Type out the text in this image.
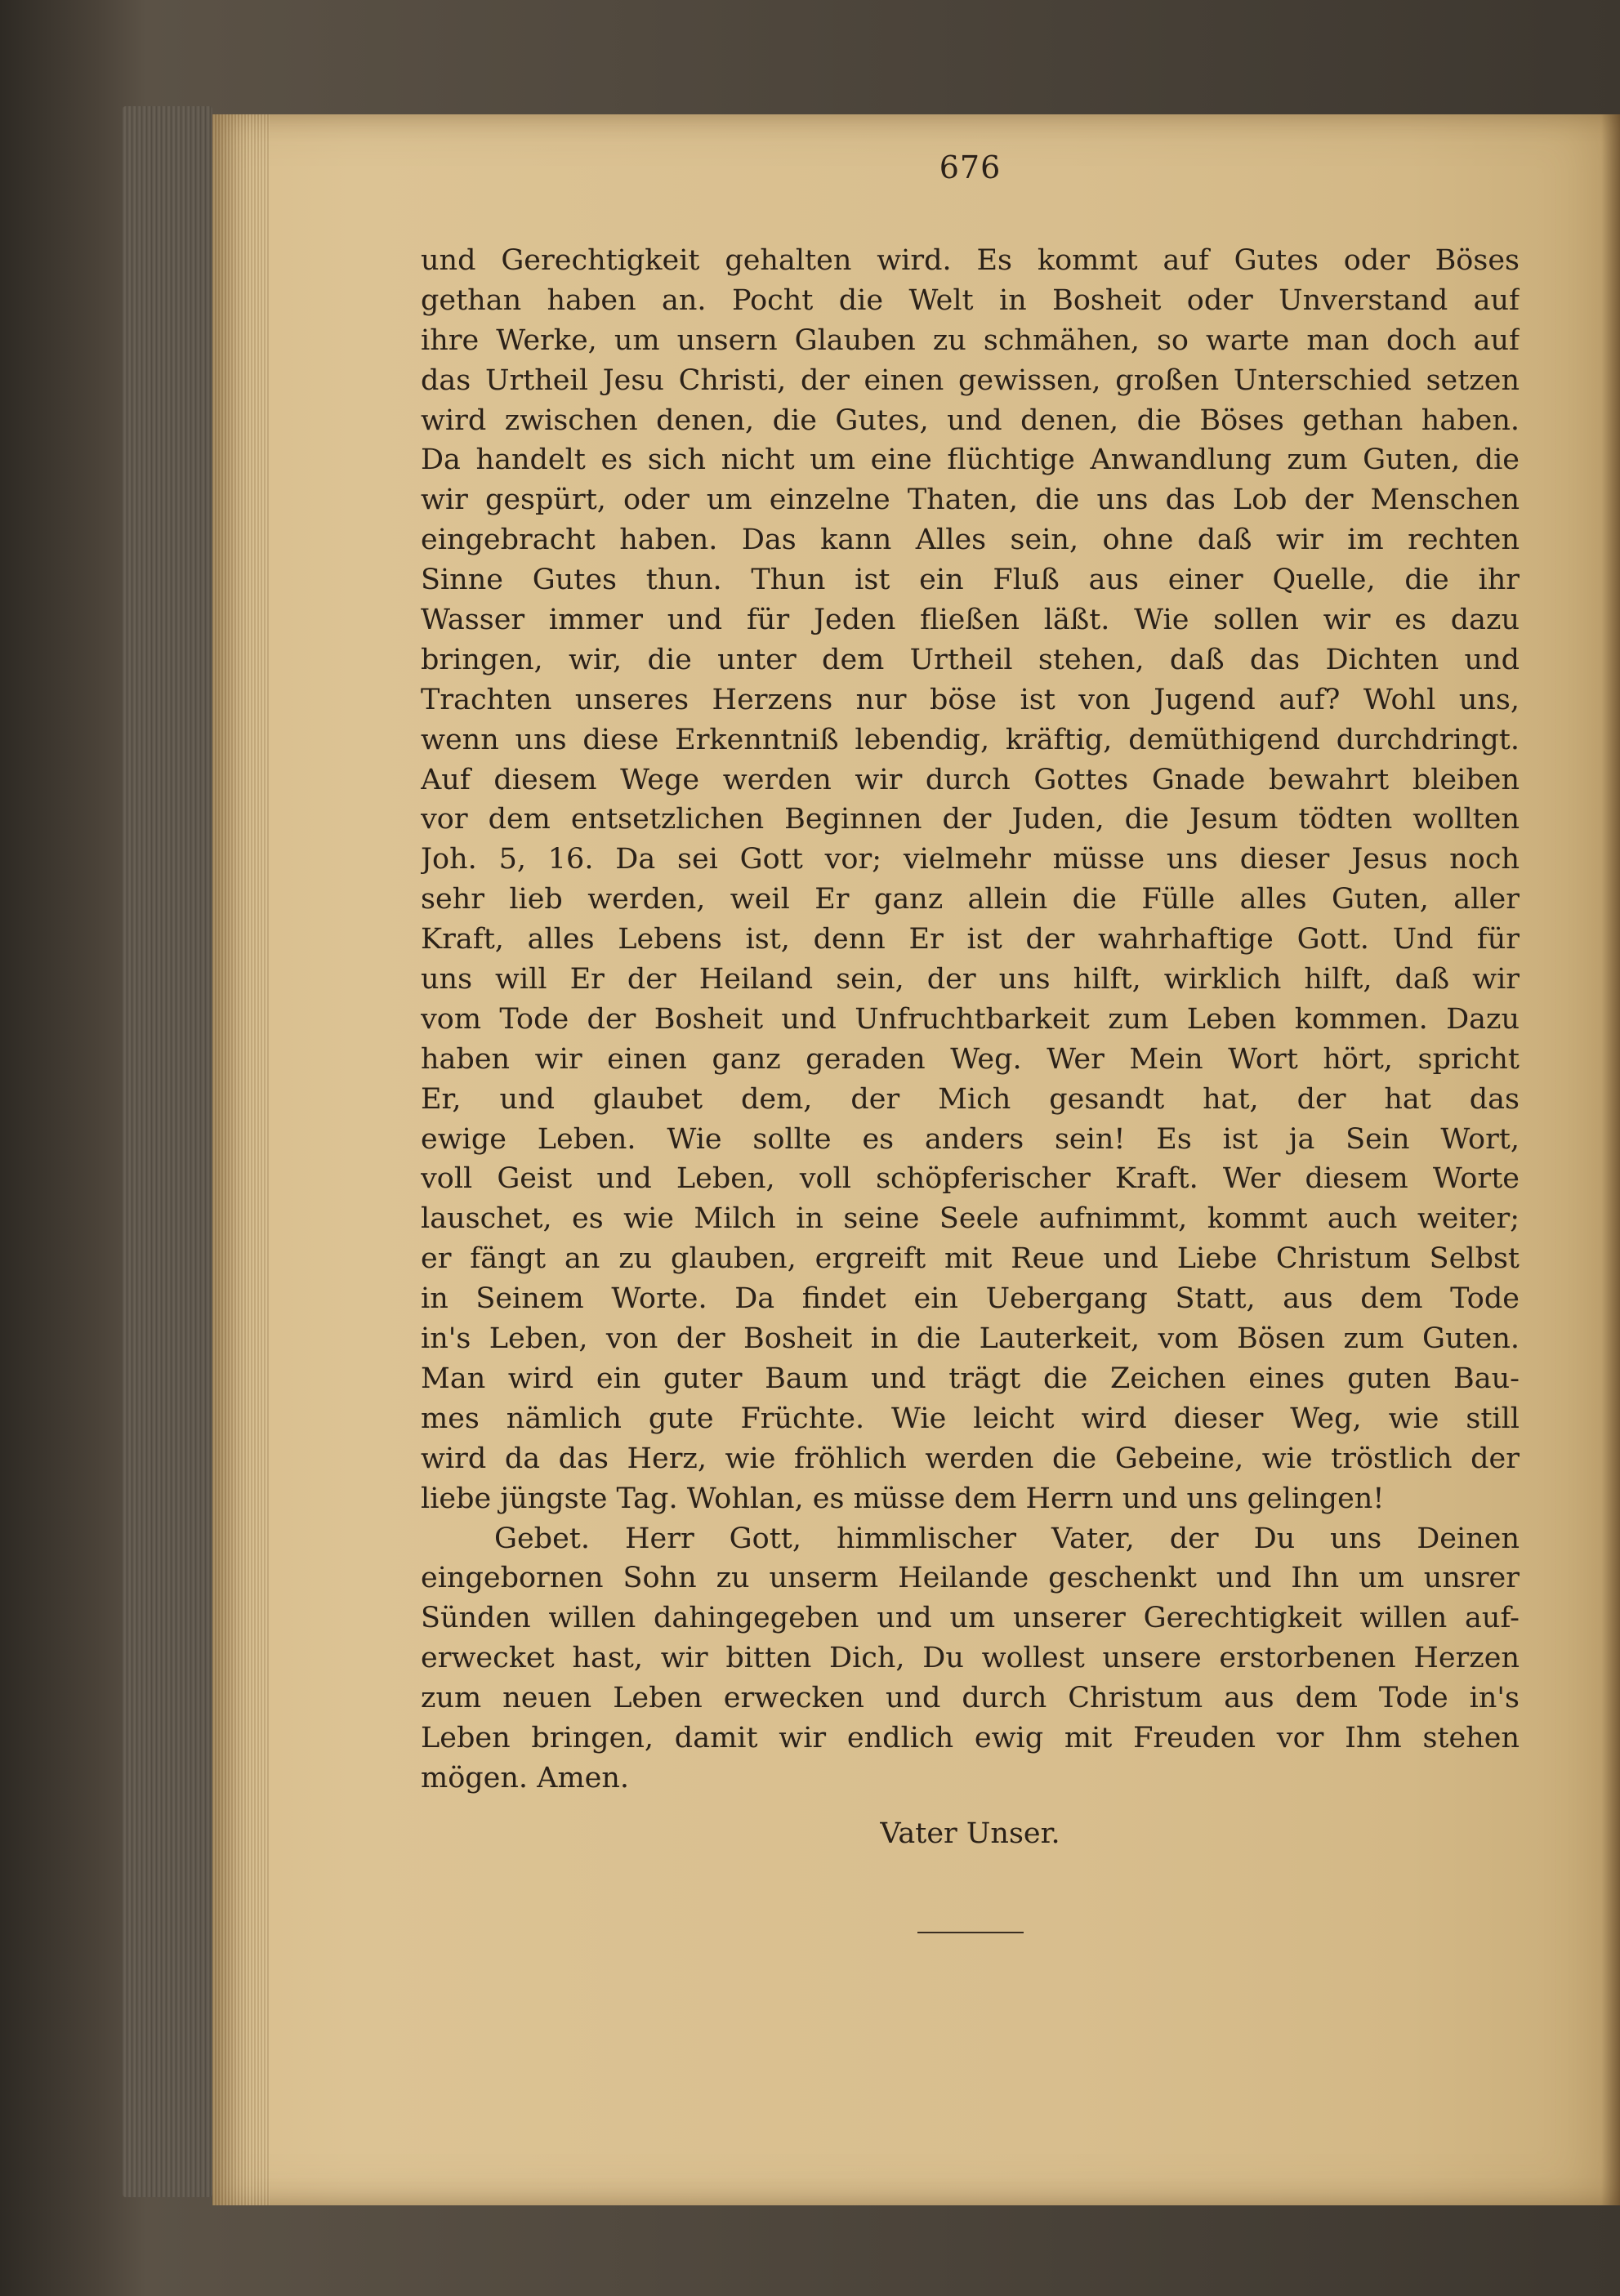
676
und Gerechtigkeit gehalten wird. Es kommt auf Gutes oder Böses
gethan haben an. Pocht die Welt in Bosheit oder Unverstand auf
ihre Werke, um unsern Glauben zu schmähen, so warte man doch auf
das Urtheil Jesu Christi, der einen gewissen, großen Unterschied setzen
wird zwischen denen, die Gutes, und denen, die Böses gethan haben.
Da handelt es sich nicht um eine flüchtige Anwandlung zum Guten, die
wir gespürt, oder um einzelne Thaten, die uns das Lob der Menschen
eingebracht haben. Das kann Alles sein, ohne daß wir im rechten
Sinne Gutes thun. Thun ist ein Fluß aus einer Quelle, die ihr
Wasser immer und für Jeden fließen läßt. Wie sollen wir es dazu
bringen, wir, die unter dem Urtheil stehen, daß das Dichten und
Trachten unseres Herzens nur böse ist von Jugend auf? Wohl uns,
wenn uns diese Erkenntniß lebendig, kräftig, demüthigend durchdringt.
Auf diesem Wege werden wir durch Gottes Gnade bewahrt bleiben
vor dem entsetzlichen Beginnen der Juden, die Jesum tödten wollten
Joh. 5, 16. Da sei Gott vor; vielmehr müsse uns dieser Jesus noch
sehr lieb werden, weil Er ganz allein die Fülle alles Guten, aller
Kraft, alles Lebens ist, denn Er ist der wahrhaftige Gott. Und für
uns will Er der Heiland sein, der uns hilft, wirklich hilft, daß wir
vom Tode der Bosheit und Unfruchtbarkeit zum Leben kommen. Dazu
haben wir einen ganz geraden Weg. Wer Mein Wort hört, spricht
Er, und glaubet dem, der Mich gesandt hat, der hat das
ewige Leben. Wie sollte es anders sein! Es ist ja Sein Wort,
voll Geist und Leben, voll schöpferischer Kraft. Wer diesem Worte
lauschet, es wie Milch in seine Seele aufnimmt, kommt auch weiter;
er fängt an zu glauben, ergreift mit Reue und Liebe Christum Selbst
in Seinem Worte. Da findet ein Uebergang Statt, aus dem Tode
in's Leben, von der Bosheit in die Lauterkeit, vom Bösen zum Guten.
Man wird ein guter Baum und trägt die Zeichen eines guten Bau-
mes nämlich gute Früchte. Wie leicht wird dieser Weg, wie still
wird da das Herz, wie fröhlich werden die Gebeine, wie tröstlich der
liebe jüngste Tag. Wohlan, es müsse dem Herrn und uns gelingen!
Gebet. Herr Gott, himmlischer Vater, der Du uns Deinen
eingebornen Sohn zu unserm Heilande geschenkt und Ihn um unsrer
Sünden willen dahingegeben und um unserer Gerechtigkeit willen auf-
erwecket hast, wir bitten Dich, Du wollest unsere erstorbenen Herzen
zum neuen Leben erwecken und durch Christum aus dem Tode in's
Leben bringen, damit wir endlich ewig mit Freuden vor Ihm stehen
mögen. Amen.
Vater Unser.
